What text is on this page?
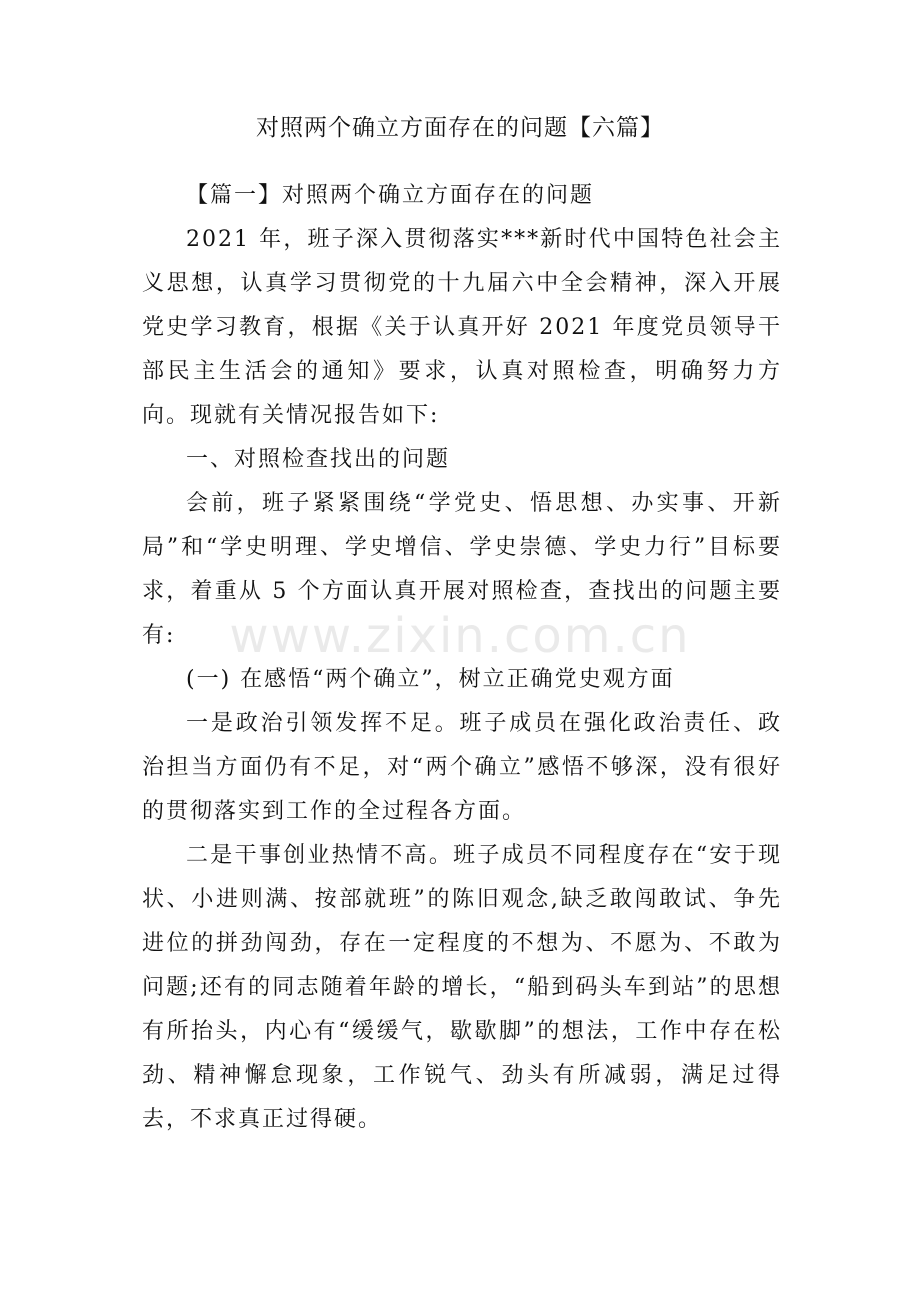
对照两个确立方面存在的问题【六篇】

【篇一】对照两个确立方面存在的问题

2021 年，班子深入贯彻落实***新时代中国特色社会主义思想，认真学习贯彻党的十九届六中全会精神，深入开展党史学习教育，根据《关于认真开好 2021 年度党员领导干部民主生活会的通知》要求，认真对照检查，明确努力方向。现就有关情况报告如下:

一、对照检查找出的问题

会前，班子紧紧围绕“学党史、悟思想、办实事、开新局”和“学史明理、学史增信、学史崇德、学史力行”目标要求，着重从 5 个方面认真开展对照检查，查找出的问题主要有:

(一) 在感悟“两个确立”，树立正确党史观方面

一是政治引领发挥不足。班子成员在强化政治责任、政治担当方面仍有不足，对“两个确立”感悟不够深，没有很好的贯彻落实到工作的全过程各方面。

二是干事创业热情不高。班子成员不同程度存在“安于现状、小进则满、按部就班”的陈旧观念,缺乏敢闯敢试、争先进位的拼劲闯劲，存在一定程度的不想为、不愿为、不敢为问题;还有的同志随着年龄的增长，“船到码头车到站”的思想有所抬头，内心有“缓缓气，歇歇脚”的想法，工作中存在松劲、精神懈怠现象，工作锐气、劲头有所减弱，满足过得去，不求真正过得硬。

www.zixin.com.cn
